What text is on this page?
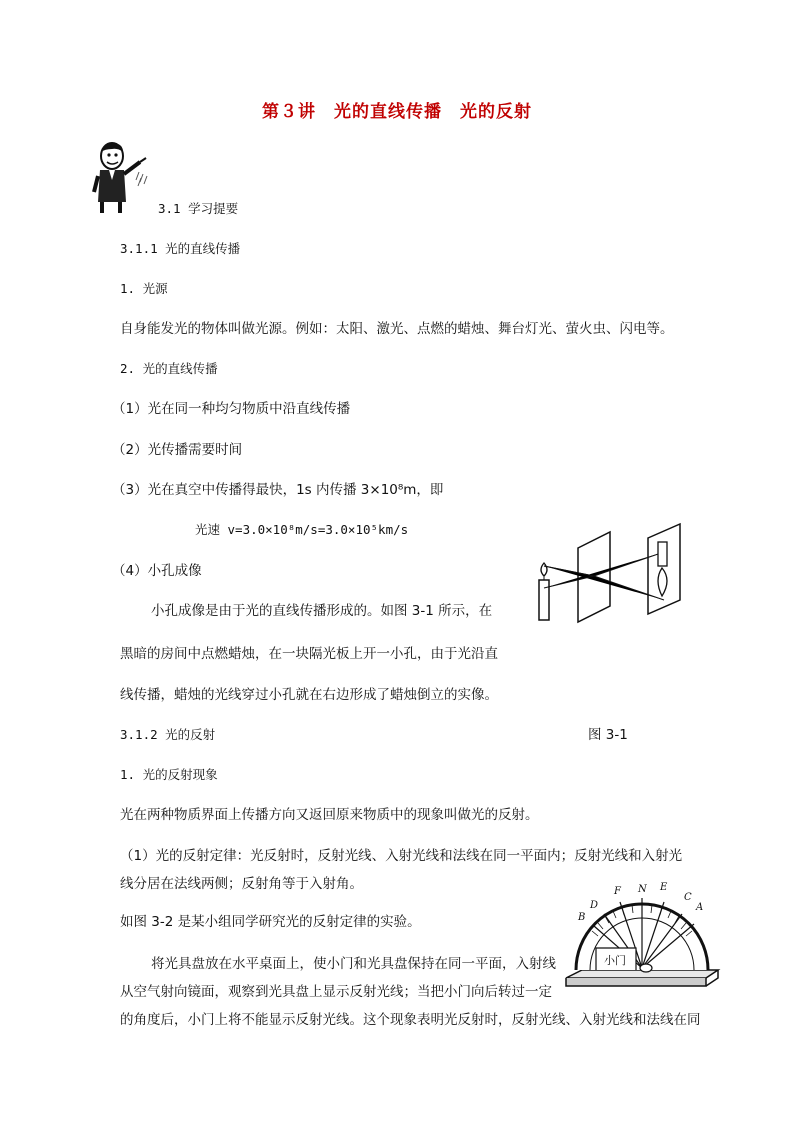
第３讲　光的直线传播　光的反射
3.1 学习提要
3.1.1 光的直线传播
1. 光源
自身能发光的物体叫做光源。例如：太阳、激光、点燃的蜡烛、舞台灯光、萤火虫、闪电等。
2. 光的直线传播
（1）光在同一种均匀物质中沿直线传播
（2）光传播需要时间
（3）光在真空中传播得最快，1s 内传播 3×10⁸m，即
光速 v=3.0×10⁸m/s=3.0×10⁵km/s
（4）小孔成像
小孔成像是由于光的直线传播形成的。如图 3-1 所示，在
黑暗的房间中点燃蜡烛，在一块隔光板上开一小孔，由于光沿直
线传播，蜡烛的光线穿过小孔就在右边形成了蜡烛倒立的实像。
3.1.2 光的反射	图 3-1
1. 光的反射现象
光在两种物质界面上传播方向又返回原来物质中的现象叫做光的反射。
（1）光的反射定律：光反射时，反射光线、入射光线和法线在同一平面内；反射光线和入射光
线分居在法线两侧；反射角等于入射角。
如图 3-2 是某小组同学研究光的反射定律的实验。
将光具盘放在水平桌面上，使小门和光具盘保持在同一平面，入射线
从空气射向镜面，观察到光具盘上显示反射光线；当把小门向后转过一定
的角度后，小门上将不能显示反射光线。这个现象表明光反射时，反射光线、入射光线和法线在同
小门
F N E
D
C
B
A
